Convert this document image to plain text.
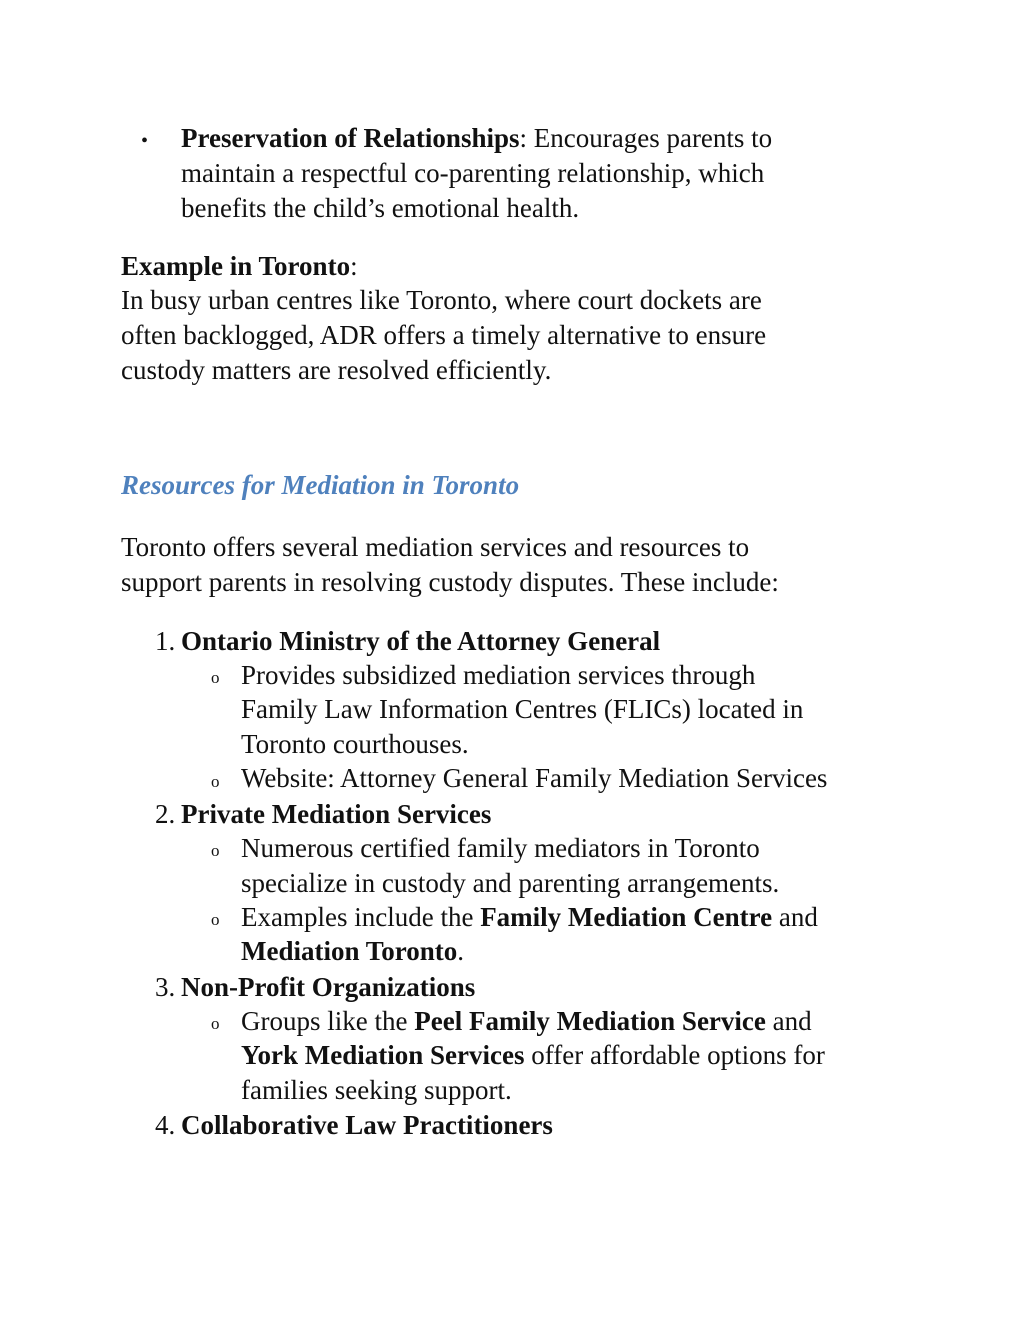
• Preservation of Relationships: Encourages parents to
maintain a respectful co-parenting relationship, which
benefits the child’s emotional health.
Example in Toronto:
In busy urban centres like Toronto, where court dockets are
often backlogged, ADR offers a timely alternative to ensure
custody matters are resolved efficiently.
Resources for Mediation in Toronto
Toronto offers several mediation services and resources to
support parents in resolving custody disputes. These include:
1. Ontario Ministry of the Attorney General
o Provides subsidized mediation services through
Family Law Information Centres (FLICs) located in
Toronto courthouses.
o Website: Attorney General Family Mediation Services
2. Private Mediation Services
o Numerous certified family mediators in Toronto
specialize in custody and parenting arrangements.
o Examples include the Family Mediation Centre and
Mediation Toronto.
3. Non-Profit Organizations
o Groups like the Peel Family Mediation Service and
York Mediation Services offer affordable options for
families seeking support.
4. Collaborative Law Practitioners
